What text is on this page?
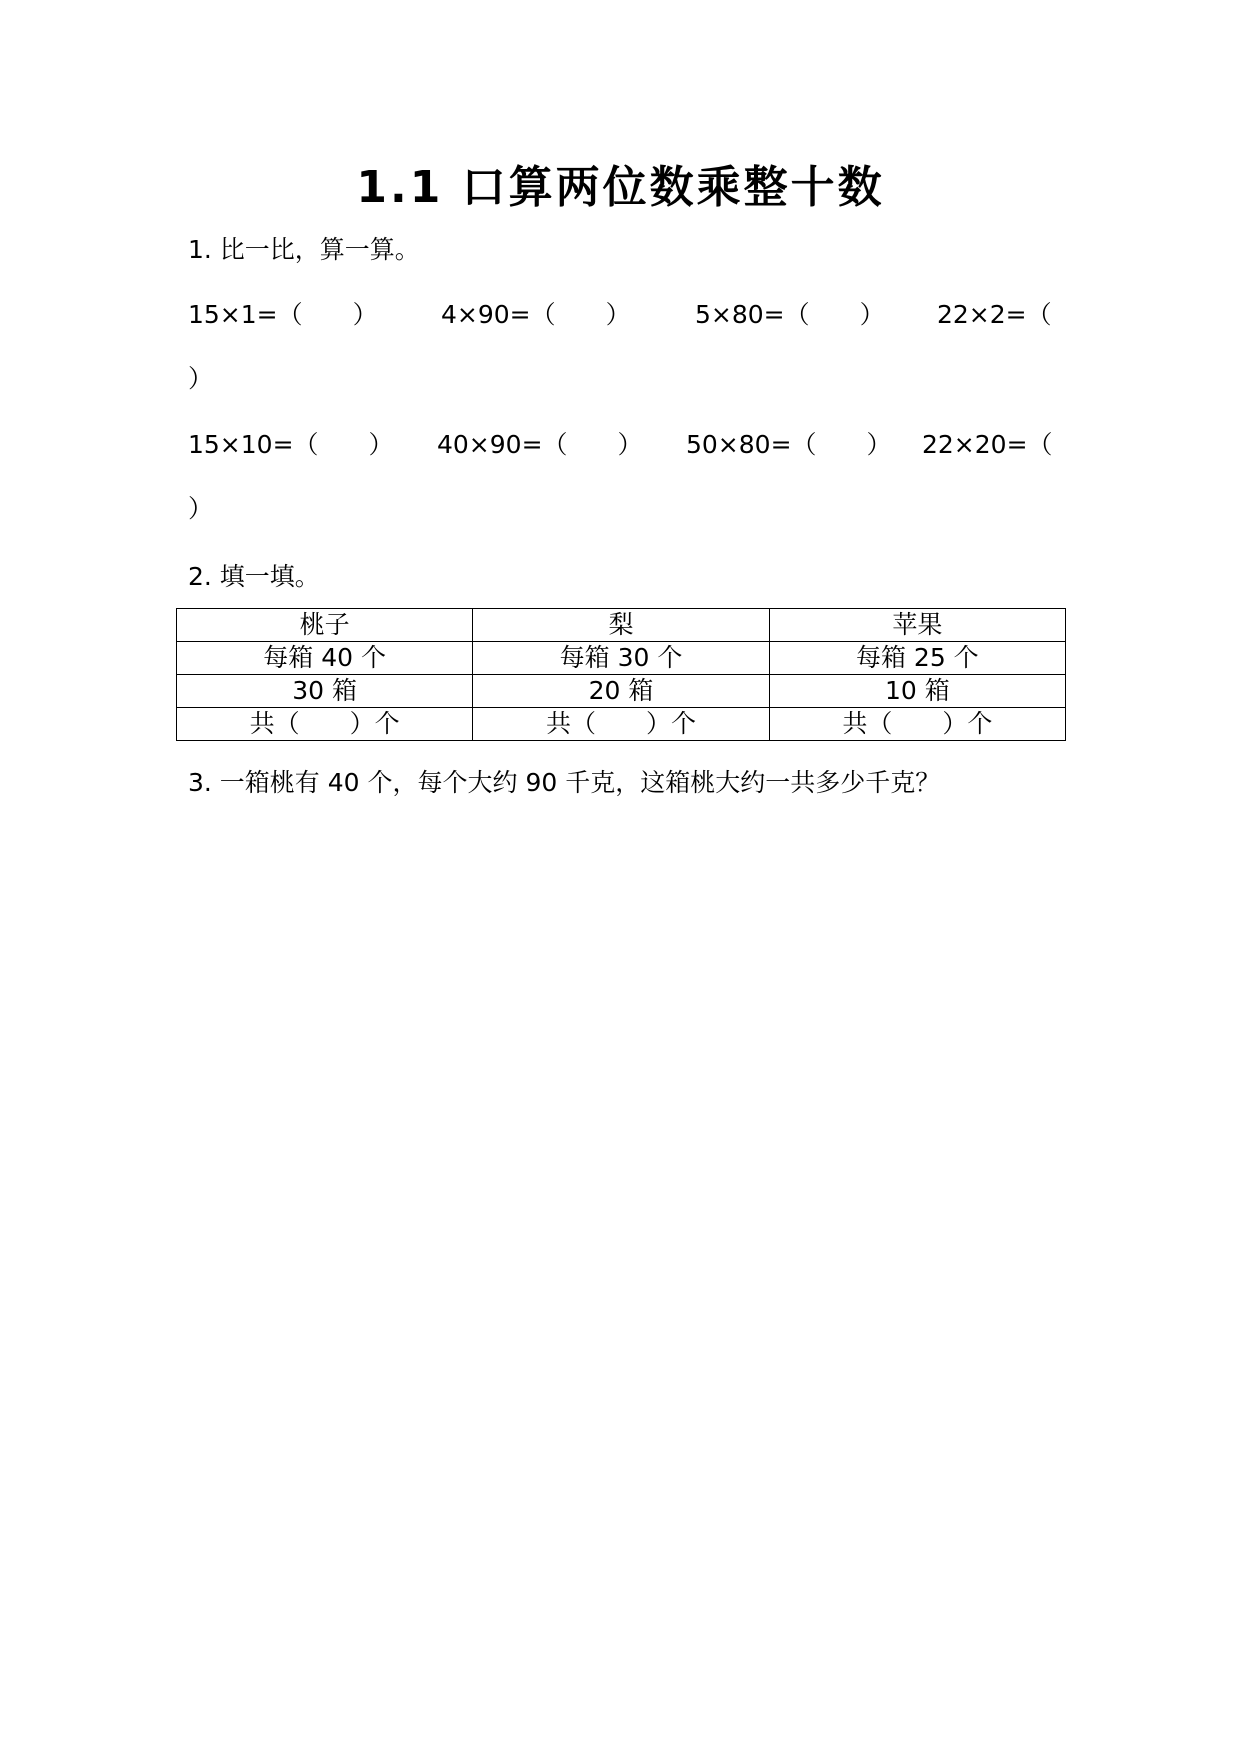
1.1 口算两位数乘整十数
1. 比一比，算一算。
15×1=（　　）	4×90=（　　）	5×80=（　　） 22×2=（
）
15×10=（　　） 40×90=（　　） 50×80=（　　） 22×20=（
）
2. 填一填。
桃子	梨	苹果
每箱 40 个	每箱 30 个	每箱 25 个
30 箱	20 箱	10 箱
共（　　）个	共（　　）个	共（　　）个
3. 一箱桃有 40 个，每个大约 90 千克，这箱桃大约一共多少千克？
